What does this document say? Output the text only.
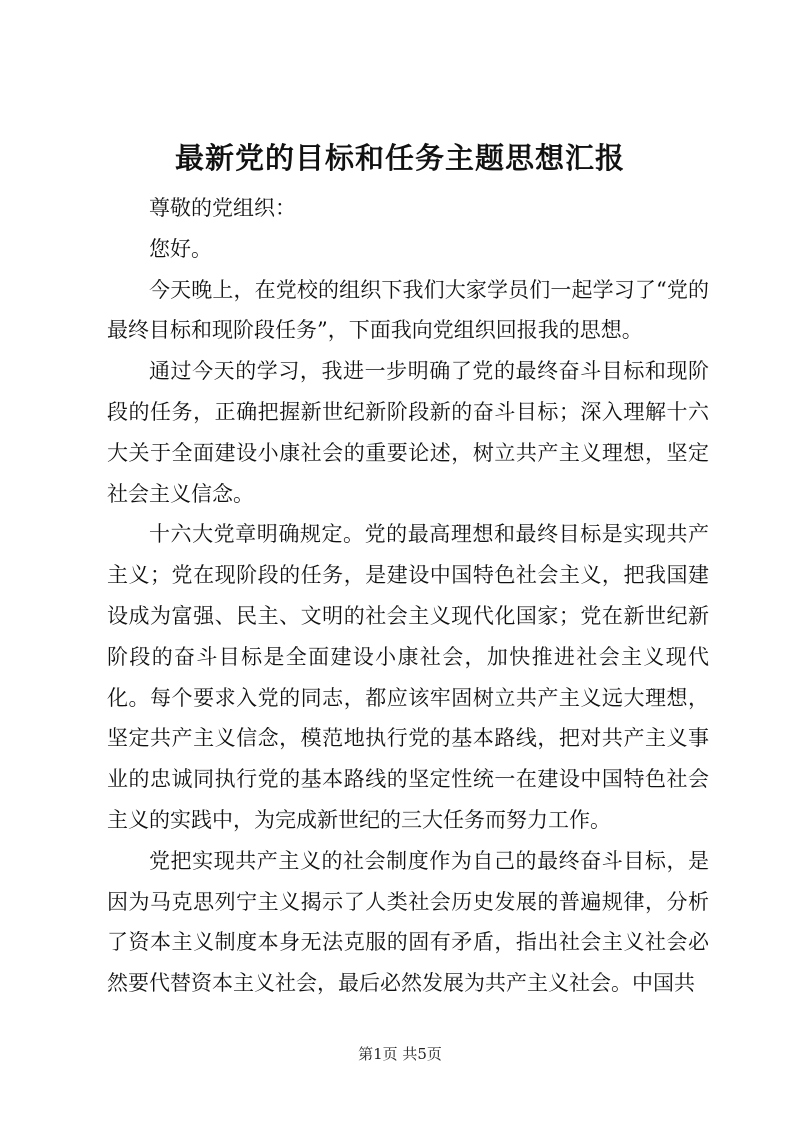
最新党的目标和任务主题思想汇报

尊敬的党组织：

您好。

今天晚上，在党校的组织下我们大家学员们一起学习了“党的最终目标和现阶段任务”，下面我向党组织回报我的思想。

通过今天的学习，我进一步明确了党的最终奋斗目标和现阶段的任务，正确把握新世纪新阶段新的奋斗目标；深入理解十六大关于全面建设小康社会的重要论述，树立共产主义理想，坚定社会主义信念。

十六大党章明确规定。党的最高理想和最终目标是实现共产主义；党在现阶段的任务，是建设中国特色社会主义，把我国建设成为富强、民主、文明的社会主义现代化国家；党在新世纪新阶段的奋斗目标是全面建设小康社会，加快推进社会主义现代化。每个要求入党的同志，都应该牢固树立共产主义远大理想，坚定共产主义信念，模范地执行党的基本路线，把对共产主义事业的忠诚同执行党的基本路线的坚定性统一在建设中国特色社会主义的实践中，为完成新世纪的三大任务而努力工作。

党把实现共产主义的社会制度作为自己的最终奋斗目标，是因为马克思列宁主义揭示了人类社会历史发展的普遍规律，分析了资本主义制度本身无法克服的固有矛盾，指出社会主义社会必然要代替资本主义社会，最后必然发展为共产主义社会。中国共

第1页 共5页
